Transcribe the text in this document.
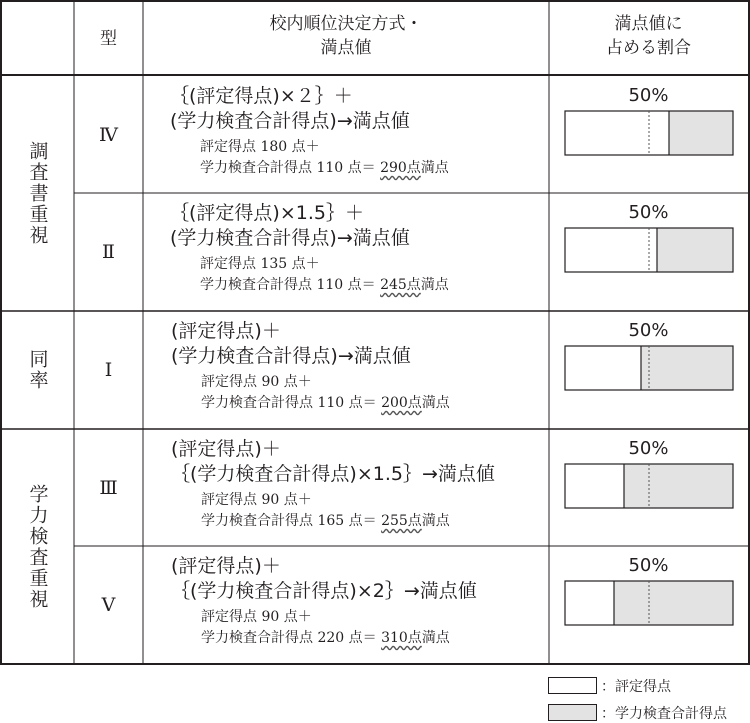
型
校内順位決定方式・
満点値
満点値に
占める割合
調査書重視
同率
学力検査重視
Ⅳ
｛(評定得点)×２｝＋
(学力検査合計得点)→満点値
評定得点 180 点＋
学力検査合計得点 110 点＝ 290点満点
50%
Ⅱ
｛(評定得点)×1.5｝＋
(学力検査合計得点)→満点値
評定得点 135 点＋
学力検査合計得点 110 点＝ 245点満点
50%
Ⅰ
(評定得点)＋
(学力検査合計得点)→満点値
評定得点 90 点＋
学力検査合計得点 110 点＝ 200点満点
50%
Ⅲ
(評定得点)＋
｛(学力検査合計得点)×1.5｝→満点値
評定得点 90 点＋
学力検査合計得点 165 点＝ 255点満点
50%
Ⅴ
(評定得点)＋
｛(学力検査合計得点)×2｝→満点値
評定得点 90 点＋
学力検査合計得点 220 点＝ 310点満点
50%
：評定得点
：学力検査合計得点
